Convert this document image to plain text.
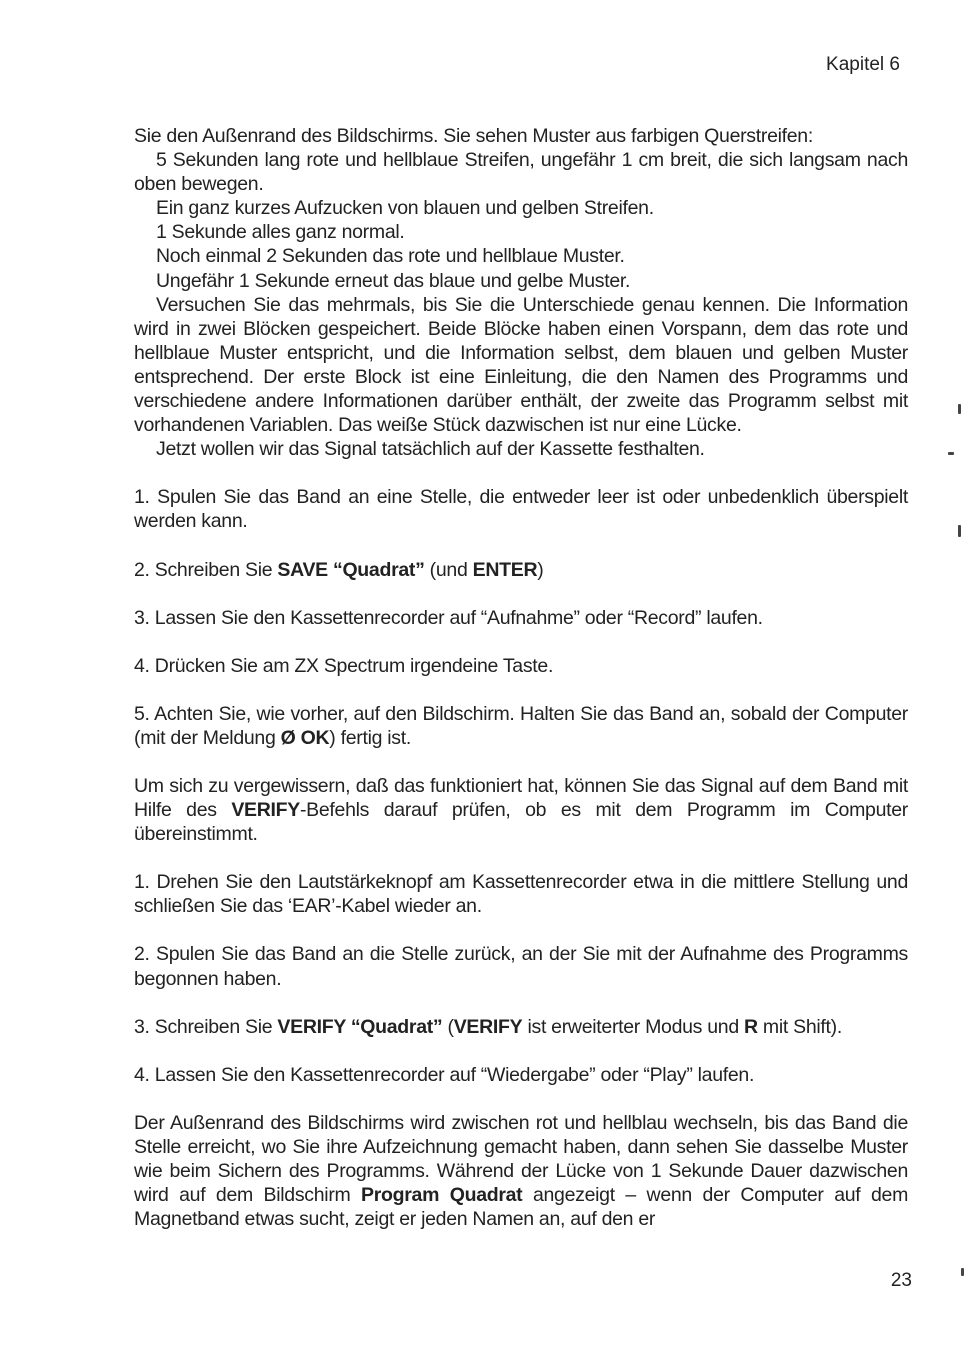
Kapitel 6

Sie den Außenrand des Bildschirms. Sie sehen Muster aus farbigen Querstreifen:

5 Sekunden lang rote und hellblaue Streifen, ungefähr 1 cm breit, die sich langsam nach oben bewegen.

Ein ganz kurzes Aufzucken von blauen und gelben Streifen.

1 Sekunde alles ganz normal.

Noch einmal 2 Sekunden das rote und hellblaue Muster.

Ungefähr 1 Sekunde erneut das blaue und gelbe Muster.

Versuchen Sie das mehrmals, bis Sie die Unterschiede genau kennen. Die Information wird in zwei Blöcken gespeichert. Beide Blöcke haben einen Vorspann, dem das rote und hellblaue Muster entspricht, und die Information selbst, dem blauen und gelben Muster entsprechend. Der erste Block ist eine Einleitung, die den Namen des Programms und verschiedene andere Informationen darüber enthält, der zweite das Programm selbst mit vorhandenen Variablen. Das weiße Stück dazwischen ist nur eine Lücke.

Jetzt wollen wir das Signal tatsächlich auf der Kassette festhalten.

1. Spulen Sie das Band an eine Stelle, die entweder leer ist oder unbedenklich überspielt werden kann.

2. Schreiben Sie SAVE “Quadrat” (und ENTER)

3. Lassen Sie den Kassettenrecorder auf “Aufnahme” oder “Record” laufen.

4. Drücken Sie am ZX Spectrum irgendeine Taste.

5. Achten Sie, wie vorher, auf den Bildschirm. Halten Sie das Band an, sobald der Computer (mit der Meldung Ø OK) fertig ist.

Um sich zu vergewissern, daß das funktioniert hat, können Sie das Signal auf dem Band mit Hilfe des VERIFY-Befehls darauf prüfen, ob es mit dem Programm im Computer übereinstimmt.

1. Drehen Sie den Lautstärkeknopf am Kassettenrecorder etwa in die mittlere Stellung und schließen Sie das ‘EAR’-Kabel wieder an.

2. Spulen Sie das Band an die Stelle zurück, an der Sie mit der Aufnahme des Programms begonnen haben.

3. Schreiben Sie VERIFY “Quadrat” (VERIFY ist erweiterter Modus und R mit Shift).

4. Lassen Sie den Kassettenrecorder auf “Wiedergabe” oder “Play” laufen.

Der Außenrand des Bildschirms wird zwischen rot und hellblau wechseln, bis das Band die Stelle erreicht, wo Sie ihre Aufzeichnung gemacht haben, dann sehen Sie dasselbe Muster wie beim Sichern des Programms. Während der Lücke von 1 Sekunde Dauer dazwischen wird auf dem Bildschirm Program Quadrat angezeigt – wenn der Computer auf dem Magnetband etwas sucht, zeigt er jeden Namen an, auf den er

23
